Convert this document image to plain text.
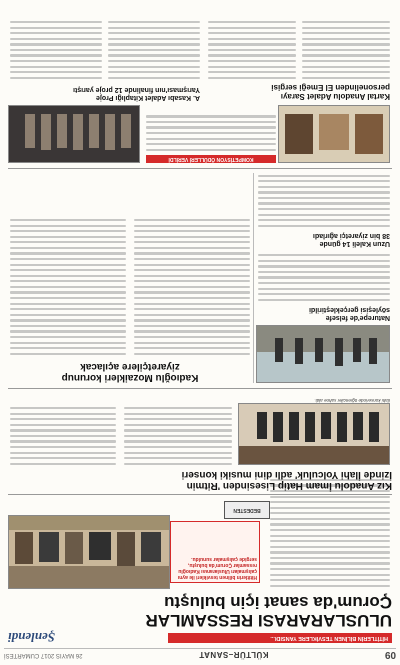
09
KÜLTÜR–SANAT
26 MAYIS 2017 CUMARTESİ
Şenlendi	HİTİTLERİN BİLİNEN TESVİKLERE YANSIDI...
ULUSLARARASI RESSAMLAR
Çorum'da sanat için buluştu
Hititlerin bilinen tesvikleri ile aynı çalışmaları Uluslararası Kadıoğlu ressamlar Çorum'da buluştu, sergide çalışmalar sunuldu.
BEDESTEN
Kız Anadolu İmam Hatip Lisesinden 'Ritmin
İzinde İlahi Yolculuk' adlı dini musiki konseri
İlahi konserinde öğrenciler sahne aldı.
Kadıoğlu Mozaikleri korunup
ziyaretçilere açılacak
Naturepe'de felsefe
söyleşisi gerçekleştirildi
Uzun Kaleli 14 günde
38 bin ziyaretçi ağırladı
KOMPETİSYON ÖDÜLLERİ VERİLDİ
Kartal Anadolu Adalet Sarayı
personelinden El Emeği sergisi
A. Kasabı Adalet Kitaplığı Proje
Yarışması'nın finalinde 12 proje yarıştı
